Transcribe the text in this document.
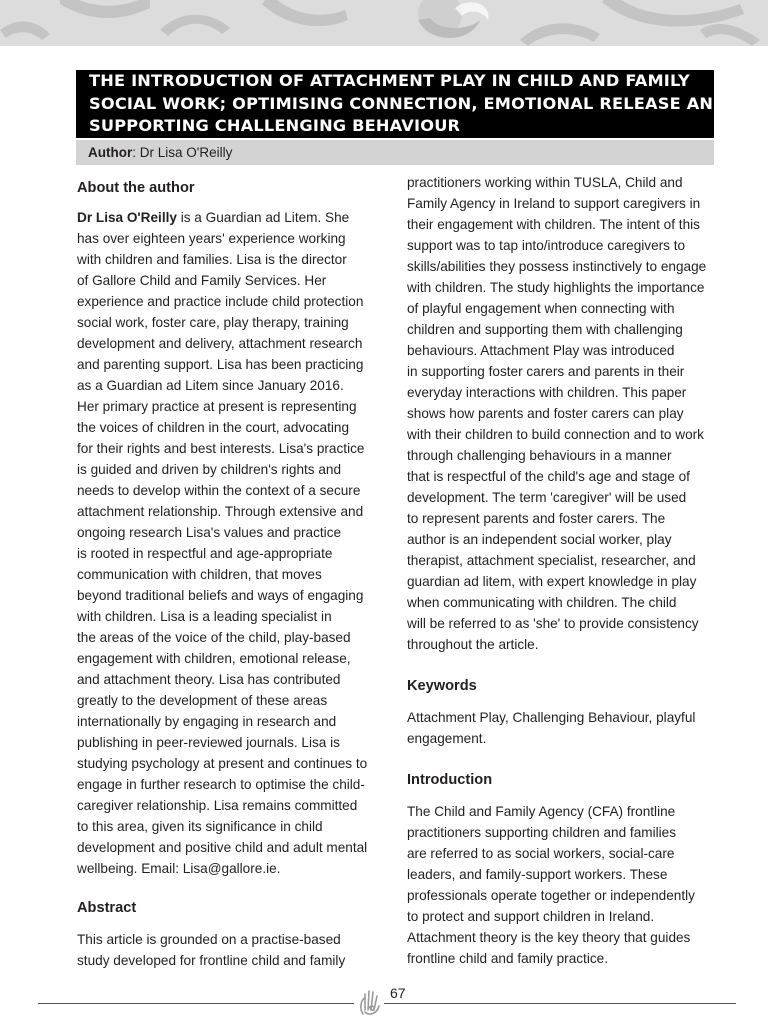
THE INTRODUCTION OF ATTACHMENT PLAY IN CHILD AND FAMILY
SOCIAL WORK; OPTIMISING CONNECTION, EMOTIONAL RELEASE AND
SUPPORTING CHALLENGING BEHAVIOUR
Author: Dr Lisa O'Reilly
About the author
Dr Lisa O'Reilly is a Guardian ad Litem. She
has over eighteen years' experience working
with children and families. Lisa is the director
of Gallore Child and Family Services. Her
experience and practice include child protection
social work, foster care, play therapy, training
development and delivery, attachment research
and parenting support. Lisa has been practicing
as a Guardian ad Litem since January 2016.
Her primary practice at present is representing
the voices of children in the court, advocating
for their rights and best interests. Lisa's practice
is guided and driven by children's rights and
needs to develop within the context of a secure
attachment relationship. Through extensive and
ongoing research Lisa's values and practice
is rooted in respectful and age-appropriate
communication with children, that moves
beyond traditional beliefs and ways of engaging
with children. Lisa is a leading specialist in
the areas of the voice of the child, play-based
engagement with children, emotional release,
and attachment theory. Lisa has contributed
greatly to the development of these areas
internationally by engaging in research and
publishing in peer-reviewed journals. Lisa is
studying psychology at present and continues to
engage in further research to optimise the child-
caregiver relationship. Lisa remains committed
to this area, given its significance in child
development and positive child and adult mental
wellbeing. Email: Lisa@gallore.ie.
Abstract
This article is grounded on a practise-based
study developed for frontline child and family
practitioners working within TUSLA, Child and
Family Agency in Ireland to support caregivers in
their engagement with children. The intent of this
support was to tap into/introduce caregivers to
skills/abilities they possess instinctively to engage
with children. The study highlights the importance
of playful engagement when connecting with
children and supporting them with challenging
behaviours. Attachment Play was introduced
in supporting foster carers and parents in their
everyday interactions with children. This paper
shows how parents and foster carers can play
with their children to build connection and to work
through challenging behaviours in a manner
that is respectful of the child's age and stage of
development. The term 'caregiver' will be used
to represent parents and foster carers. The
author is an independent social worker, play
therapist, attachment specialist, researcher, and
guardian ad litem, with expert knowledge in play
when communicating with children. The child
will be referred to as 'she' to provide consistency
throughout the article.
Keywords
Attachment Play, Challenging Behaviour, playful
engagement.
Introduction
The Child and Family Agency (CFA) frontline
practitioners supporting children and families
are referred to as social workers, social-care
leaders, and family-support workers. These
professionals operate together or independently
to protect and support children in Ireland.
Attachment theory is the key theory that guides
frontline child and family practice.
67
